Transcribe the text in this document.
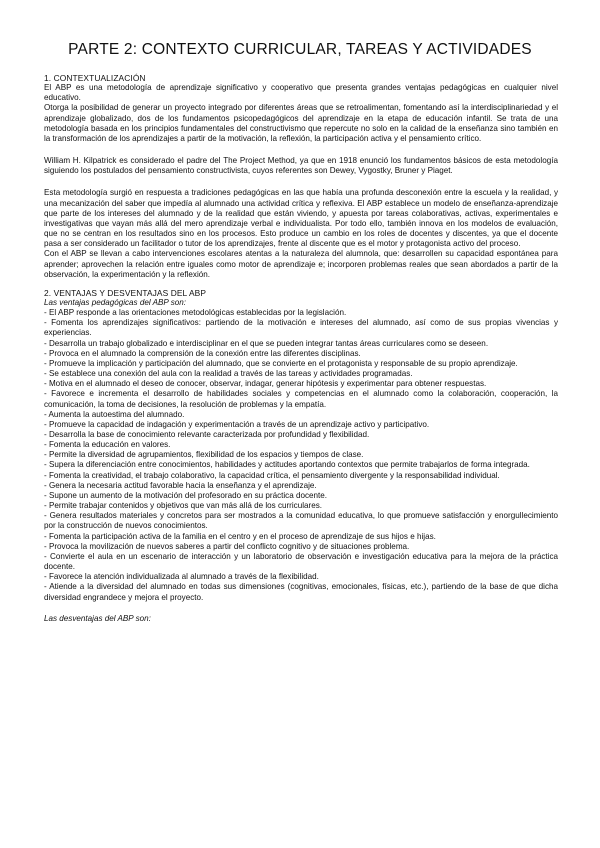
PARTE 2: CONTEXTO CURRICULAR, TAREAS Y ACTIVIDADES
1. CONTEXTUALIZACIÓN

El ABP es una metodología de aprendizaje significativo y cooperativo que presenta grandes ventajas pedagógicas en cualquier nivel educativo.

Otorga la posibilidad de generar un proyecto integrado por diferentes áreas que se retroalimentan, fomentando así la interdisciplinariedad y el aprendizaje globalizado, dos de los fundamentos psicopedagógicos del aprendizaje en la etapa de educación infantil. Se trata de una metodología basada en los principios fundamentales del constructivismo que repercute no solo en la calidad de la enseñanza sino también en la transformación de los aprendizajes a partir de la motivación, la reflexión, la participación activa y el pensamiento crítico.

William H. Kilpatrick es considerado el padre del The Project Method, ya que en 1918 enunció los fundamentos básicos de esta metodología siguiendo los postulados del pensamiento constructivista, cuyos referentes son Dewey, Vygostky, Bruner y Piaget.

Esta metodología surgió en respuesta a tradiciones pedagógicas en las que había una profunda desconexión entre la escuela y la realidad, y una mecanización del saber que impedía al alumnado una actividad crítica y reflexiva. El ABP establece un modelo de enseñanza-aprendizaje que parte de los intereses del alumnado y de la realidad que están viviendo, y apuesta por tareas colaborativas, activas, experimentales e investigativas que vayan más allá del mero aprendizaje verbal e individualista. Por todo ello, también innova en los modelos de evaluación, que no se centran en los resultados sino en los procesos. Esto produce un cambio en los roles de docentes y discentes, ya que el docente pasa a ser considerado un facilitador o tutor de los aprendizajes, frente al discente que es el motor y protagonista activo del proceso.

Con el ABP se llevan a cabo intervenciones escolares atentas a la naturaleza del alumnola, que: desarrollen su capacidad espontánea para aprender; aprovechen la relación entre iguales como motor de aprendizaje e; incorporen problemas reales que sean abordados a partir de la observación, la experimentación y la reflexión.

2. VENTAJAS Y DESVENTAJAS DEL ABP

Las ventajas pedagógicas del ABP son:

- El ABP responde a las orientaciones metodológicas establecidas por la legislación.

- Fomenta los aprendizajes significativos: partiendo de la motivación e intereses del alumnado, así como de sus propias vivencias y experiencias.

- Desarrolla un trabajo globalizado e interdisciplinar en el que se pueden integrar tantas áreas curriculares como se deseen.

- Provoca en el alumnado la comprensión de la conexión entre las diferentes disciplinas.

- Promueve la implicación y participación del alumnado, que se convierte en el protagonista y responsable de su propio aprendizaje.

- Se establece una conexión del aula con la realidad a través de las tareas y actividades programadas.

- Motiva en el alumnado el deseo de conocer, observar, indagar, generar hipótesis y experimentar para obtener respuestas.

- Favorece e incrementa el desarrollo de habilidades sociales y competencias en el alumnado como la colaboración, cooperación, la comunicación, la toma de decisiones, la resolución de problemas y la empatía.

- Aumenta la autoestima del alumnado.

- Promueve la capacidad de indagación y experimentación a través de un aprendizaje activo y participativo.

- Desarrolla la base de conocimiento relevante caracterizada por profundidad y flexibilidad.

- Fomenta la educación en valores.

- Permite la diversidad de agrupamientos, flexibilidad de los espacios y tiempos de clase.

- Supera la diferenciación entre conocimientos, habilidades y actitudes aportando contextos que permite trabajarlos de forma integrada.

- Fomenta la creatividad, el trabajo colaborativo, la capacidad crítica, el pensamiento divergente y la responsabilidad individual.

- Genera la necesaria actitud favorable hacia la enseñanza y el aprendizaje.

- Supone un aumento de la motivación del profesorado en su práctica docente.

- Permite trabajar contenidos y objetivos que van más allá de los curriculares.

- Genera resultados materiales y concretos para ser mostrados a la comunidad educativa, lo que promueve satisfacción y enorgullecimiento por la construcción de nuevos conocimientos.

- Fomenta la participación activa de la familia en el centro y en el proceso de aprendizaje de sus hijos e hijas.

- Provoca la movilización de nuevos saberes a partir del conflicto cognitivo y de situaciones problema.

- Convierte el aula en un escenario de interacción y un laboratorio de observación e investigación educativa para la mejora de la práctica docente.

- Favorece la atención individualizada al alumnado a través de la flexibilidad.

- Atiende a la diversidad del alumnado en todas sus dimensiones (cognitivas, emocionales, físicas, etc.), partiendo de la base de que dicha diversidad engrandece y mejora el proyecto.

Las desventajas del ABP son:
